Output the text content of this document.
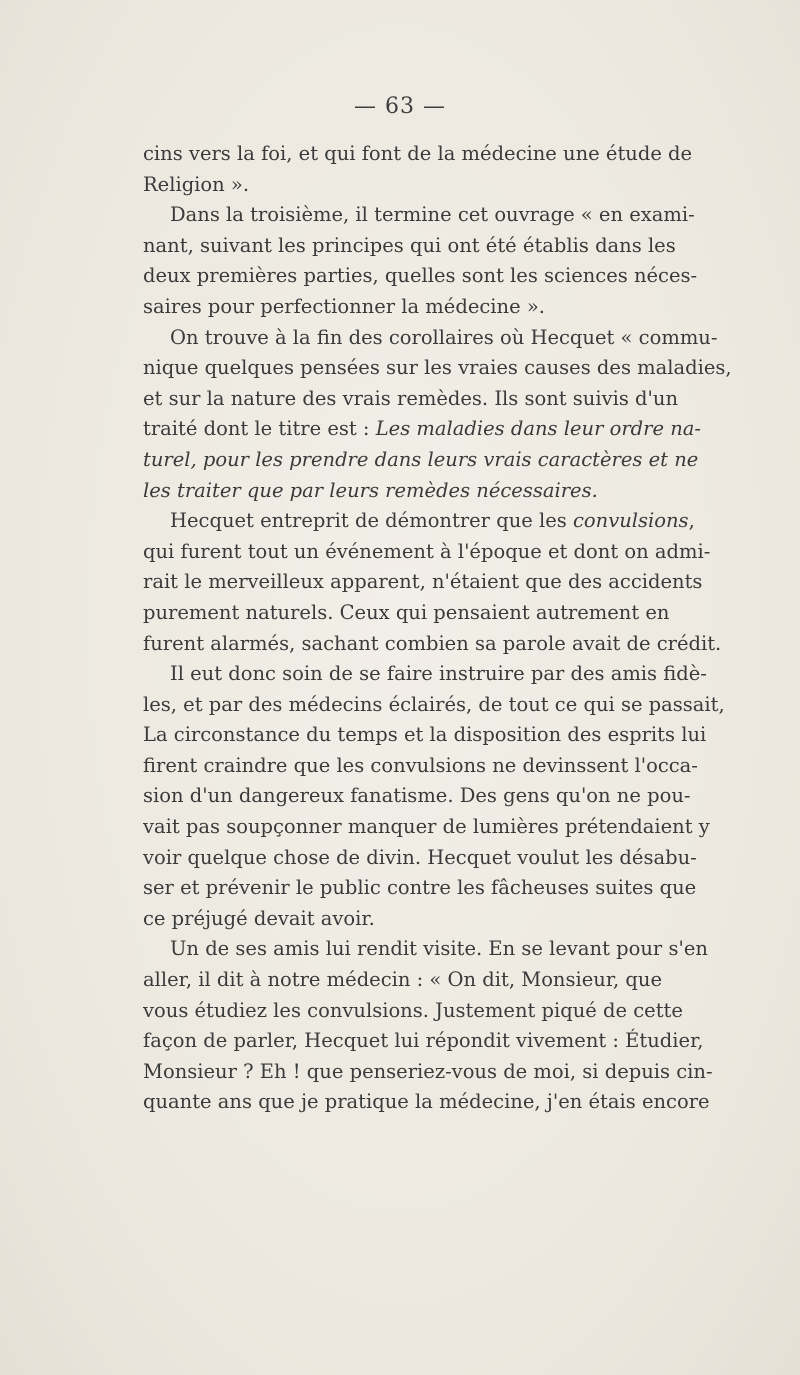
— 63 —
cins vers la foi, et qui font de la médecine une étude de
Religion ».
Dans la troisième, il termine cet ouvrage « en exami-
nant, suivant les principes qui ont été établis dans les
deux premières parties, quelles sont les sciences néces-
saires pour perfectionner la médecine ».
On trouve à la fin des corollaires où Hecquet « commu-
nique quelques pensées sur les vraies causes des maladies,
et sur la nature des vrais remèdes. Ils sont suivis d'un
traité dont le titre est : Les maladies dans leur ordre na-
turel, pour les prendre dans leurs vrais caractères et ne
les traiter que par leurs remèdes nécessaires.
Hecquet entreprit de démontrer que les convulsions,
qui furent tout un événement à l'époque et dont on admi-
rait le merveilleux apparent, n'étaient que des accidents
purement naturels. Ceux qui pensaient autrement en
furent alarmés, sachant combien sa parole avait de crédit.
Il eut donc soin de se faire instruire par des amis fidè-
les, et par des médecins éclairés, de tout ce qui se passait,
La circonstance du temps et la disposition des esprits lui
firent craindre que les convulsions ne devinssent l'occa-
sion d'un dangereux fanatisme. Des gens qu'on ne pou-
vait pas soupçonner manquer de lumières prétendaient y
voir quelque chose de divin. Hecquet voulut les désabu-
ser et prévenir le public contre les fâcheuses suites que
ce préjugé devait avoir.
Un de ses amis lui rendit visite. En se levant pour s'en
aller, il dit à notre médecin : « On dit, Monsieur, que
vous étudiez les convulsions. Justement piqué de cette
façon de parler, Hecquet lui répondit vivement : Étudier,
Monsieur ? Eh ! que penseriez-vous de moi, si depuis cin-
quante ans que je pratique la médecine, j'en étais encore
